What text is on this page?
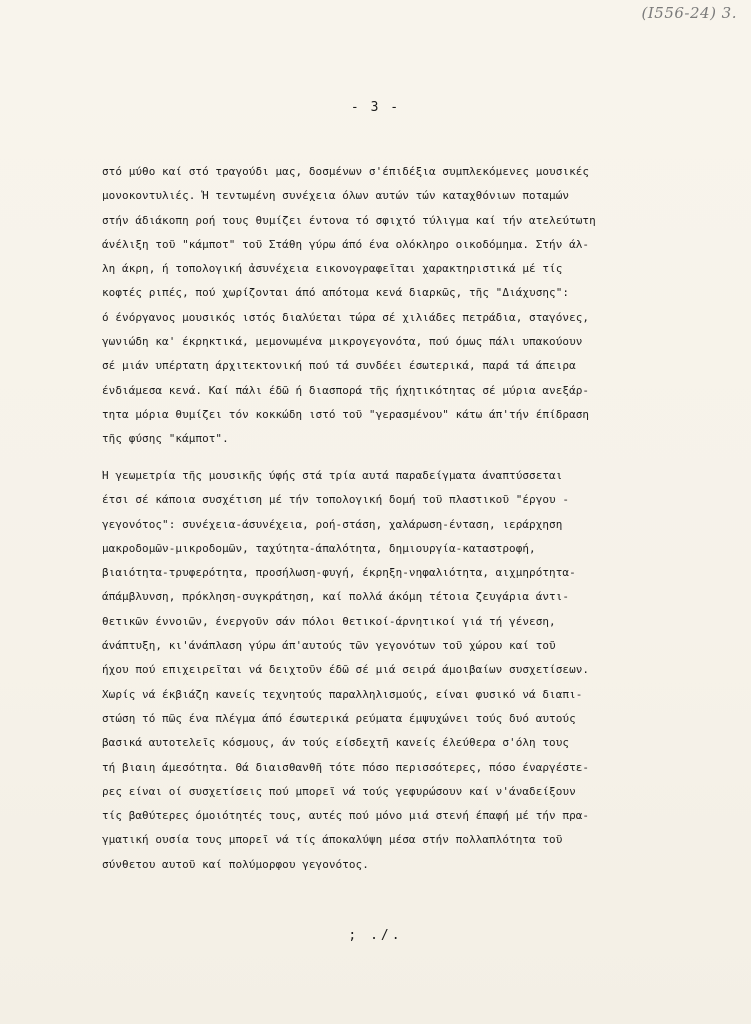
(Ι556-24) 3.
- 3 -
στό μύθο καί στό τραγούδι μας, δοσμένων σ'έπιδέξια συμπλεκόμενες μουσικές
μονοκοντυλιές. Ἡ τεντωμένη συνέχεια όλων αυτών τών καταχθόνιων ποταμών
στήν άδιάκοπη ροή τους θυμίζει έντονα τό σφιχτό τύλιγμα καί τήν ατελεύτωτη
άνέλιξη τοῦ "κάμποτ" τοῦ Στάθη γύρω άπό ένα ολόκληρο οικοδόμημα. Στήν άλ-
λη άκρη, ή τοπολογική ἀσυνέχεια εικονογραφεῖται χαρακτηριστικά μέ τίς
κοφτές ριπές, πού χωρίζονται άπό απότομα κενά διαρκῶς, τῆς "Διάχυσης":
ό ένόργανος μουσικός ιστός διαλύεται τώρα σέ χιλιάδες πετράδια, σταγόνες,
γωνιώδη κα' έκρηκτικά, μεμονωμένα μικρογεγονότα, πού όμως πάλι υπακούουν
σέ μιάν υπέρτατη άρχιτεκτονική πού τά συνδέει έσωτερικά, παρά τά άπειρα
ένδιάμεσα κενά. Καί πάλι έδῶ ή διασπορά τῆς ήχητικότητας σέ μύρια ανεξάρ-
τητα μόρια θυμίζει τόν κοκκώδη ιστό τοῦ "γερασμένου" κάτω άπ'τήν έπίδραση
τῆς φύσης "κάμποτ".
Ἡ γεωμετρία τῆς μουσικῆς ύφής στά τρία αυτά παραδείγματα άναπτύσσεται
έτσι σέ κάποια συσχέτιση μέ τήν τοπολογική δομή τοῦ πλαστικοῦ "έργου -
γεγονότος": συνέχεια-άσυνέχεια, ροή-στάση, χαλάρωση-ένταση, ιεράρχηση
μακροδομῶν-μικροδομῶν, ταχύτητα-άπαλότητα, δημιουργία-καταστροφή,
βιαιότητα-τρυφερότητα, προσήλωση-φυγή, έκρηξη-νηφαλιότητα, αιχμηρότητα-
άπάμβλυνση, πρόκληση-συγκράτηση, καί πολλά άκόμη τέτοια ζευγάρια άντι-
θετικῶν έννοιῶν, ένεργοῦν σάν πόλοι θετικοί-άρνητικοί γιά τή γένεση,
άνάπτυξη, κι'άνάπλαση γύρω άπ'αυτούς τῶν γεγονότων τοῦ χώρου καί τοῦ
ήχου πού επιχειρεῖται νά δειχτοῦν έδῶ σέ μιά σειρά άμοιβαίων συσχετίσεων.
Χωρίς νά έκβιάζη κανείς τεχνητούς παραλληλισμούς, είναι φυσικό νά διαπι-
στώση τό πῶς ένα πλέγμα άπό έσωτερικά ρεύματα έμψυχώνει τούς δυό αυτούς
βασικά αυτοτελεῖς κόσμους, άν τούς είσδεχτῆ κανείς έλεύθερα σ'όλη τους
τή βιαιη άμεσότητα. Θά διαισθανθῆ τότε πόσο περισσότερες, πόσο έναργέστε-
ρες είναι οί συσχετίσεις πού μπορεῖ νά τούς γεφυρώσουν καί ν'άναδείξουν
τίς βαθύτερες όμοιότητές τους, αυτές πού μόνο μιά στενή έπαφή μέ τήν πρα-
γματική ουσία τους μπορεῖ νά τίς άποκαλύψη μέσα στήν πολλαπλότητα τοῦ
σύνθετου αυτοῦ καί πολύμορφου γεγονότος.
; ./.
